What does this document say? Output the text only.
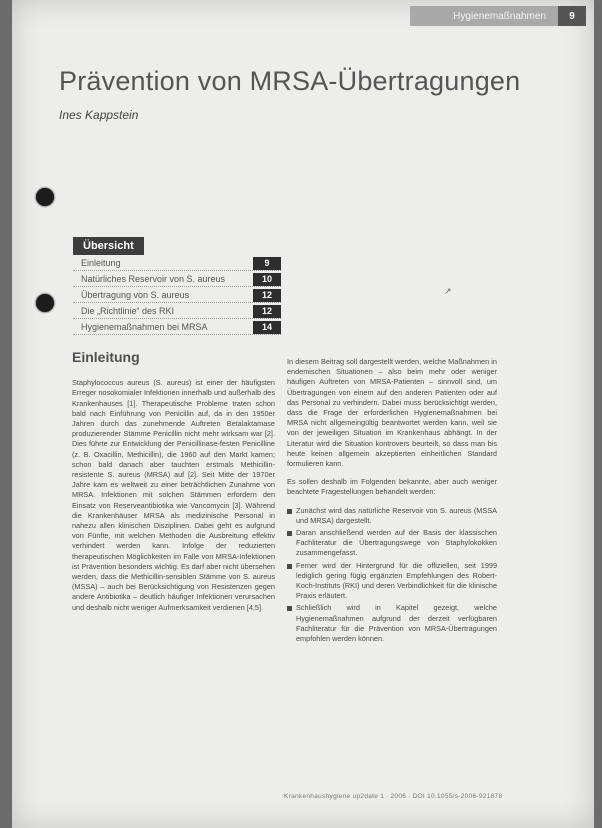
Hygienemaßnahmen	9
Prävention von MRSA-Übertragungen
Ines Kappstein
Übersicht
Einleitung	9
Natürliches Reservoir von S. aureus	10
Übertragung von S. aureus	12
Die „Richtlinie“ des RKI	12
Hygienemaßnahmen bei MRSA	14
↗
Einleitung

Staphylococcus aureus (S. aureus) ist einer der häufigsten Erreger nosokomialer Infektionen innerhalb und außerhalb des Krankenhauses [1]. Therapeutische Probleme traten schon bald nach Einführung von Penicillin auf, da in den 1950er Jahren durch das zunehmende Auftreten Betalaktamase produzierender Stämme Penicillin nicht mehr wirksam war [2]. Dies führte zur Entwicklung der Penicillinase-festen Penicilline (z. B. Oxacillin, Methicillin), die 1960 auf den Markt kamen; schon bald danach aber tauchten erstmals Methicillin-resistente S. aureus (MRSA) auf [2]. Seit Mitte der 1970er Jahre kam es weltweit zu einer beträchtlichen Zunahme von MRSA. Infektionen mit solchen Stämmen erfordern den Einsatz von Reserveantibiotika wie Vancomycin [3]. Während die Krankenhäuser MRSA als medizinische Personal in nahezu allen klinischen Disziplinen. Dabei geht es aufgrund von Fünfte, mit welchen Methoden die Ausbreitung effektiv verhindert werden kann. Infolge der reduzierten therapeutischen Möglichkeiten im Falle von MRSA-Infektionen ist Prävention besonders wichtig. Es darf aber nicht übersehen werden, dass die Methicillin-sensiblen Stämme von S. aureus (MSSA) – auch bei Berücksichtigung von Resistenzen gegen andere Antibiotika – deutlich häufiger Infektionen verursachen und deshalb nicht weniger Aufmerksamkeit verdienen [4,5].

In diesem Beitrag soll dargestellt werden, welche Maßnahmen in endemischen Situationen – also beim mehr oder weniger häufigen Auftreten von MRSA-Patienten – sinnvoll sind, um Übertragungen von einem auf den anderen Patienten oder auf das Personal zu verhindern. Dabei muss berücksichtigt werden, dass die Frage der erforderlichen Hygienemaßnahmen bei MRSA nicht allgemeingültig beantwortet werden kann, weil sie von der jeweiligen Situation im Krankenhaus abhängt. In der Literatur wird die Situation kontrovers beurteilt, so dass man bis heute keinen allgemein akzeptierten einheitlichen Standard formulieren kann.

Es sollen deshalb im Folgenden bekannte, aber auch weniger beachtete Fragestellungen behandelt werden:

Zunächst wird das natürliche Reservoir von S. aureus (MSSA und MRSA) dargestellt.
Daran anschließend werden auf der Basis der klassischen Fachliteratur die Übertragungswege von Staphylokokken zusammengefasst.
Ferner wird der Hintergrund für die offiziellen, seit 1999 lediglich gering fügig ergänzten Empfehlungen des Robert-Koch-Instituts (RKI) und deren Verbindlichkeit für die klinische Praxis erläutert.
Schließlich wird in Kapitel gezeigt, welche Hygienemaßnahmen aufgrund der derzeit verfügbaren Fachliteratur für die Prävention von MRSA-Übertragungen empfohlen werden können.
Krankenhaushygiene up2date 1 ∙ 2006 ∙ DOI 10.1055/s-2006-921878
